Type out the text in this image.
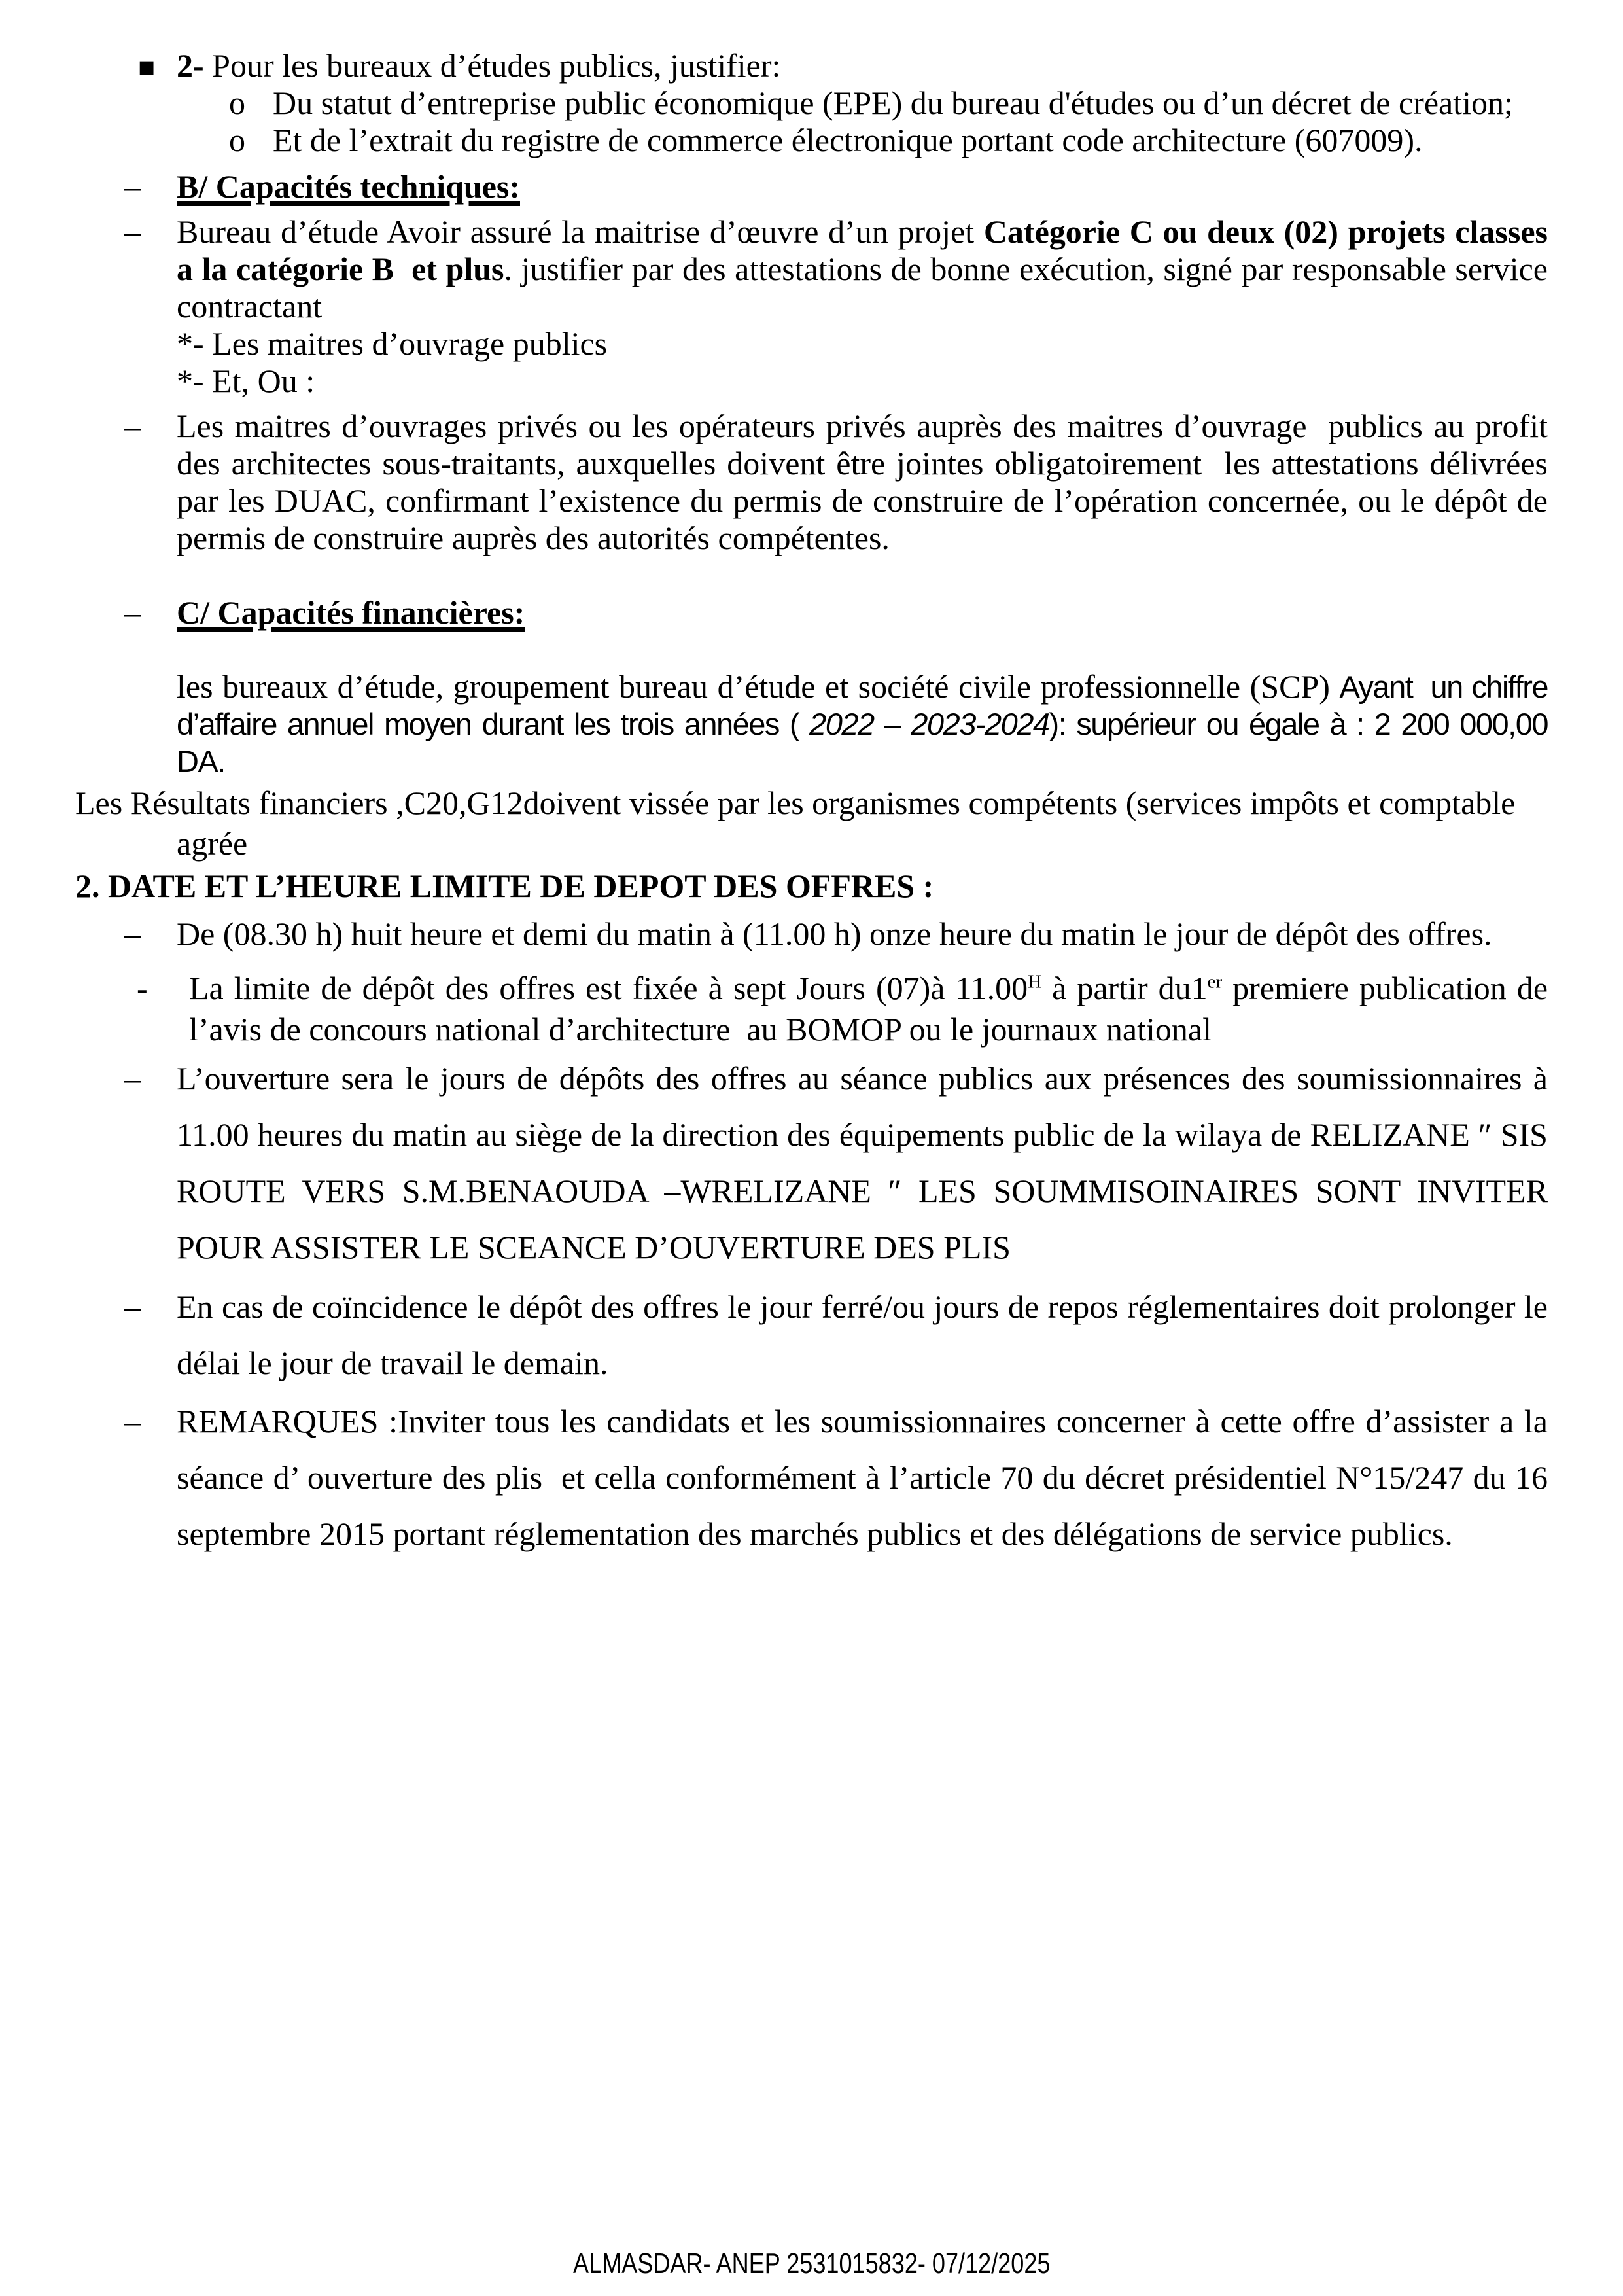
▪ 2- Pour les bureaux d’études publics, justifier:
o Du statut d’entreprise public économique (EPE) du bureau d'études ou d’un décret de création;
o Et de l’extrait du registre de commerce électronique portant code architecture (607009).
– B/ Capacités techniques:
– Bureau d’étude Avoir assuré la maitrise d’œuvre d’un projet Catégorie C ou deux (02) projets classes a la catégorie B  et plus. justifier par des attestations de bonne exécution, signé par responsable service contractant
*- Les maitres d’ouvrage publics
*- Et, Ou :
– Les maitres d’ouvrages privés ou les opérateurs privés auprès des maitres d’ouvrage  publics au profit des architectes sous-traitants, auxquelles doivent être jointes obligatoirement  les attestations délivrées par les DUAC, confirmant l’existence du permis de construire de l’opération concernée, ou le dépôt de permis de construire auprès des autorités compétentes.
– C/ Capacités financières:
les bureaux d’étude, groupement bureau d’étude et société civile professionnelle (SCP) Ayant  un chiffre d’affaire annuel moyen durant les trois années ( 2022 – 2023-2024): supérieur ou égale à : 2 200 000,00 DA.
Les Résultats financiers ,C20,G12doivent vissée par les organismes compétents (services impôts et comptable
agrée
2. DATE ET L’HEURE LIMITE DE DEPOT DES OFFRES :
– De (08.30 h) huit heure et demi du matin à (11.00 h) onze heure du matin le jour de dépôt des offres.
- La limite de dépôt des offres est fixée à sept Jours (07)à $11.00^H$ à partir du1er premiere publication de l’avis de concours national d’architecture  au BOMOP ou le journaux national
– L’ouverture sera le jours de dépôts des offres au séance publics aux présences des soumissionnaires à 11.00 heures du matin au siège de la direction des équipements public de la wilaya de RELIZANE ″ SIS ROUTE VERS S.M.BENAOUDA –WRELIZANE ″ LES SOUMMISOINAIRES SONT INVITER POUR ASSISTER LE SCEANCE D’OUVERTURE DES PLIS
– En cas de coïncidence le dépôt des offres le jour ferré/ou jours de repos réglementaires doit prolonger le délai le jour de travail le demain.
– REMARQUES :Inviter tous les candidats et les soumissionnaires concerner à cette offre d’assister a la séance d’ ouverture des plis  et cella conformément à l’article 70 du décret présidentiel N°15/247 du 16 septembre 2015 portant réglementation des marchés publics et des délégations de service publics.
ALMASDAR- ANEP 2531015832- 07/12/2025
